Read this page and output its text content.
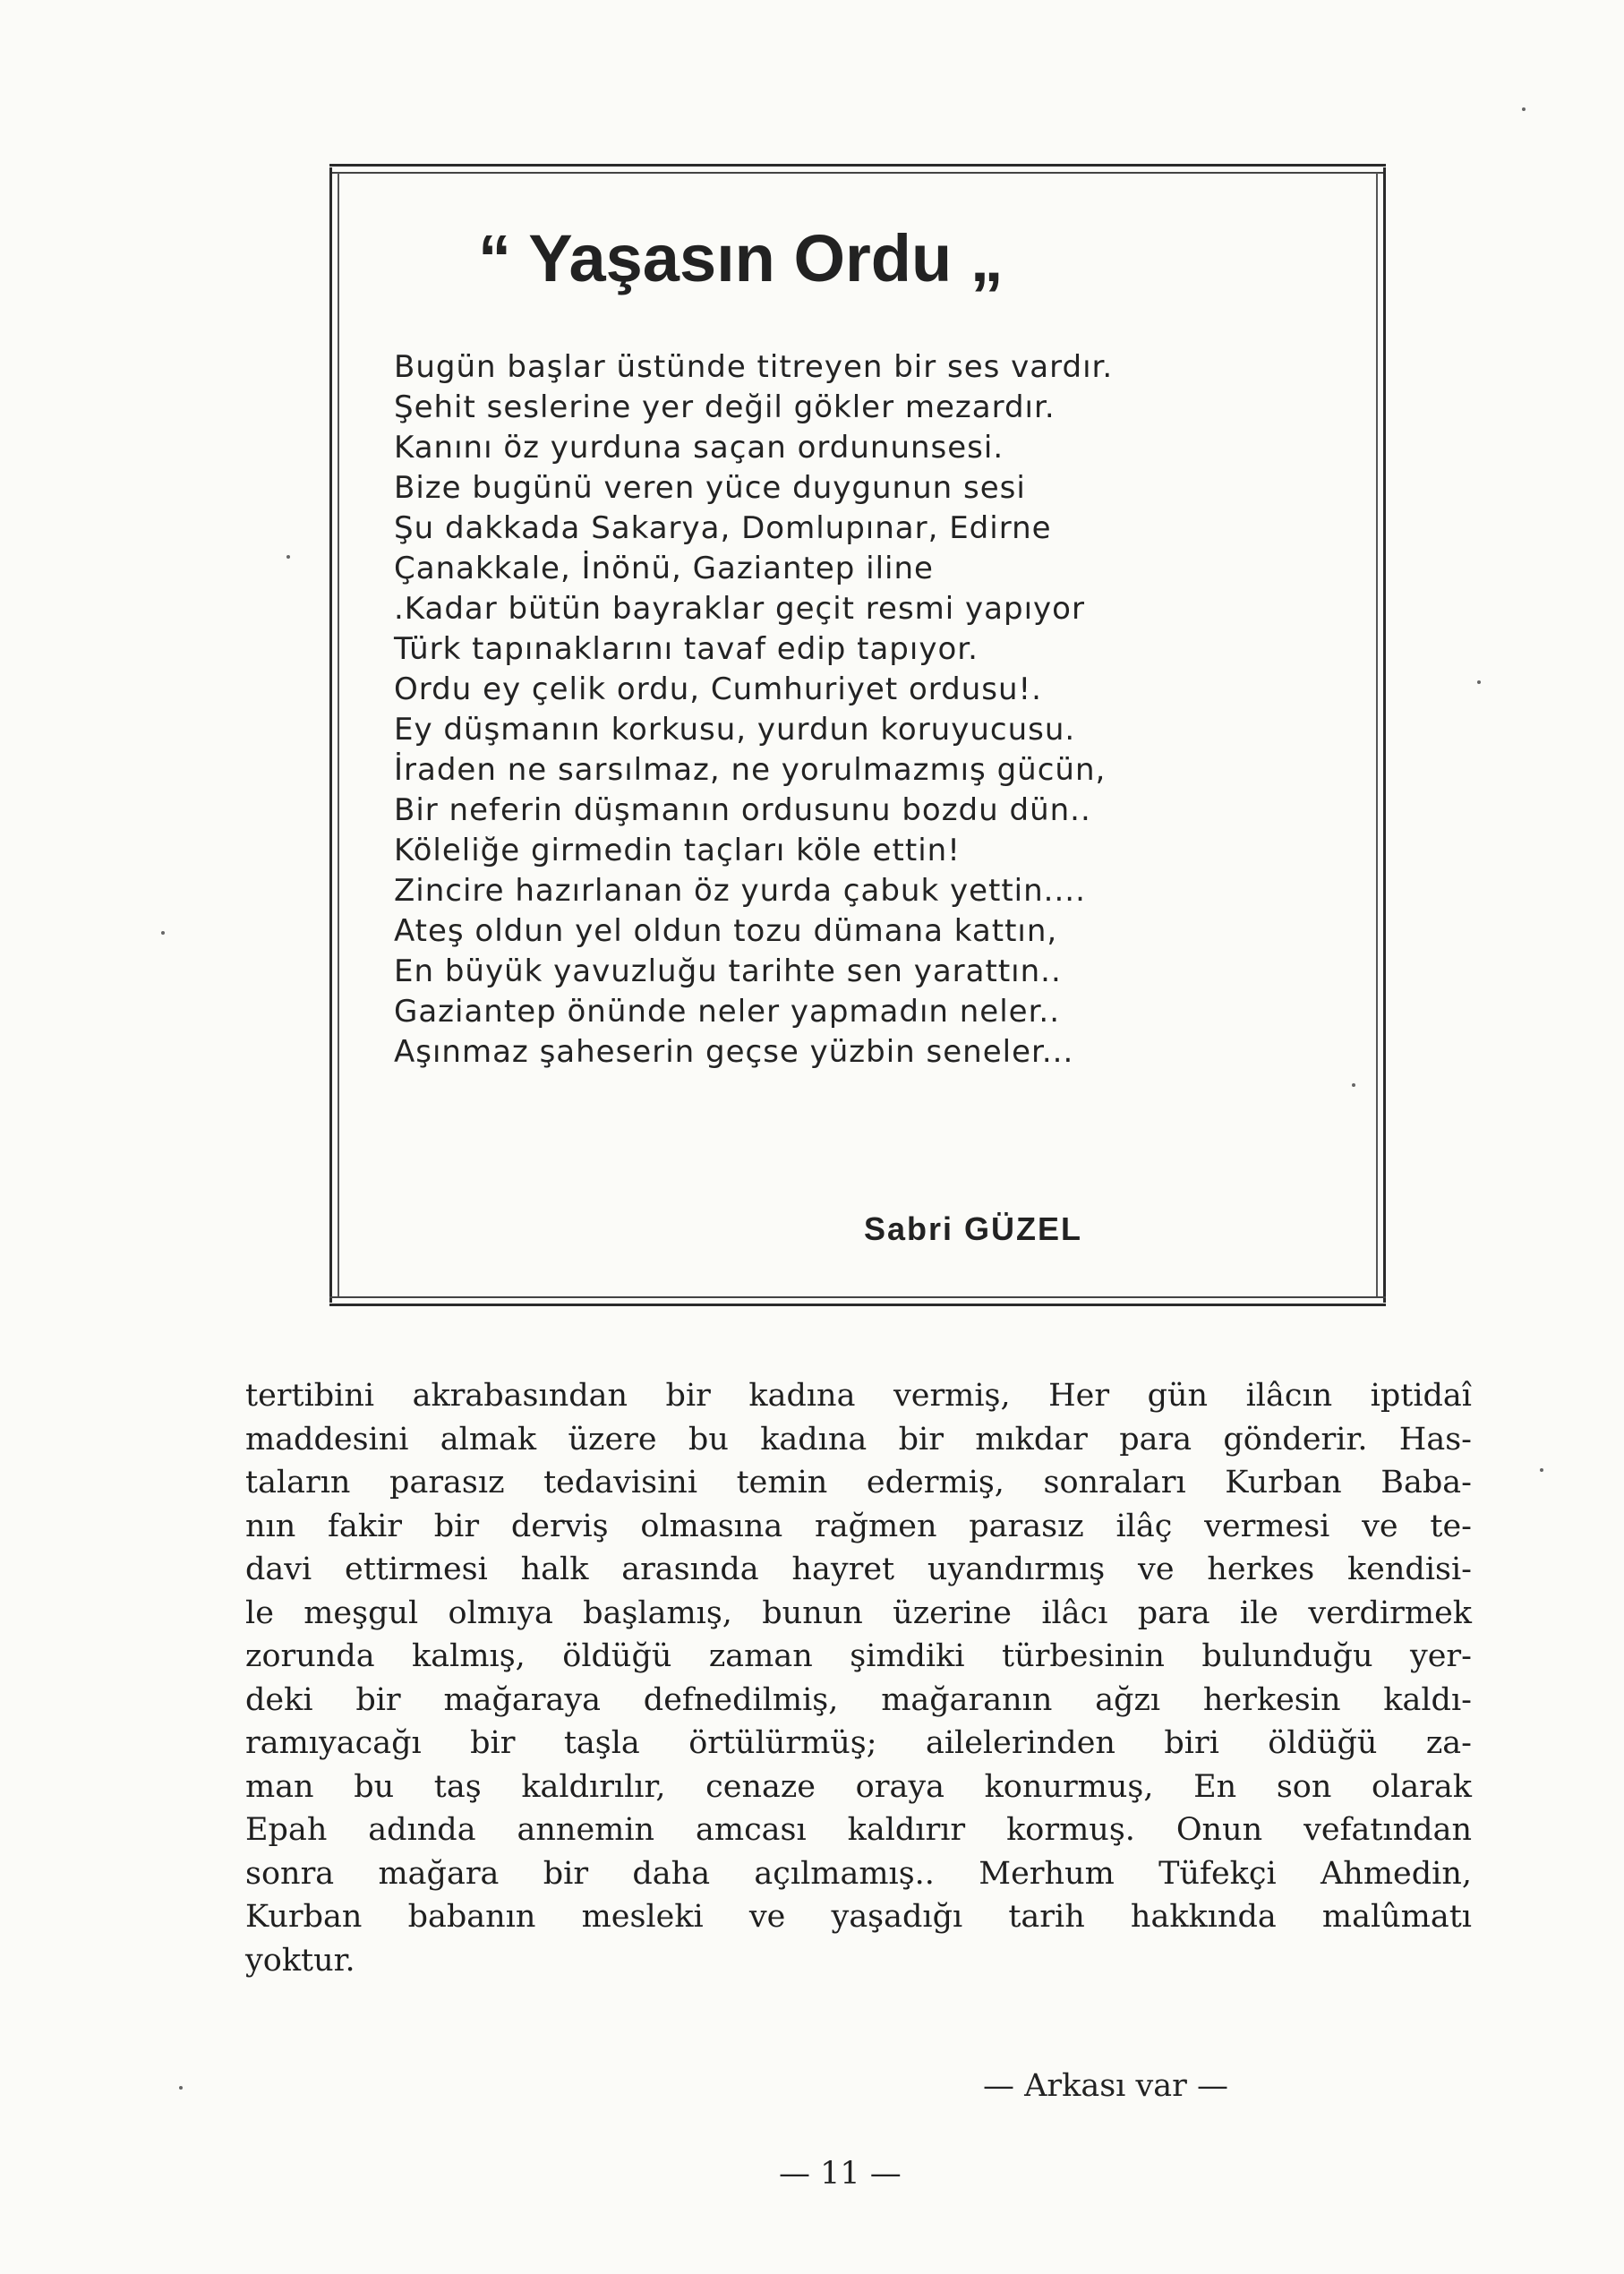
“ Yaşasın Ordu „
Bugün başlar üstünde titreyen bir ses vardır.
Şehit seslerine yer değil gökler mezardır.
Kanını öz yurduna saçan ordununsesi.
Bize bugünü veren yüce duygunun sesi
Şu dakkada Sakarya, Domlupınar, Edirne
Çanakkale, İnönü, Gaziantep iline
.Kadar bütün bayraklar geçit resmi yapıyor
Türk tapınaklarını tavaf edip tapıyor.
Ordu ey çelik ordu, Cumhuriyet ordusu!.
Ey düşmanın korkusu, yurdun koruyucusu.
İraden ne sarsılmaz, ne yorulmazmış gücün,
Bir neferin düşmanın ordusunu bozdu dün..
Köleliğe girmedin taçları köle ettin!
Zincire hazırlanan öz yurda çabuk yettin....
Ateş oldun yel oldun tozu dümana kattın,
En büyük yavuzluğu tarihte sen yarattın..
Gaziantep önünde neler yapmadın neler..
Aşınmaz şaheserin geçse yüzbin seneler...

Sabri GÜZEL

tertibini akrabasından bir kadına vermiş, Her gün ilâcın iptidaî
maddesini almak üzere bu kadına bir mıkdar para gönderir. Has-
taların parasız tedavisini temin edermiş, sonraları Kurban Baba-
nın fakir bir derviş olmasına rağmen parasız ilâç vermesi ve te-
davi ettirmesi halk arasında hayret uyandırmış ve herkes kendisi-
le meşgul olmıya başlamış, bunun üzerine ilâcı para ile verdirmek
zorunda kalmış, öldüğü zaman şimdiki türbesinin bulunduğu yer-
deki bir mağaraya defnedilmiş, mağaranın ağzı herkesin kaldı-
ramıyacağı bir taşla örtülürmüş; ailelerinden biri öldüğü za-
man bu taş kaldırılır, cenaze oraya konurmuş, En son olarak
Epah adında annemin amcası kaldırır kormuş. Onun vefatından
sonra mağara bir daha açılmamış.. Merhum Tüfekçi Ahmedin,
Kurban babanın mesleki ve yaşadığı tarih hakkında malûmatı
yoktur.

— Arkası var —

— 11 —
